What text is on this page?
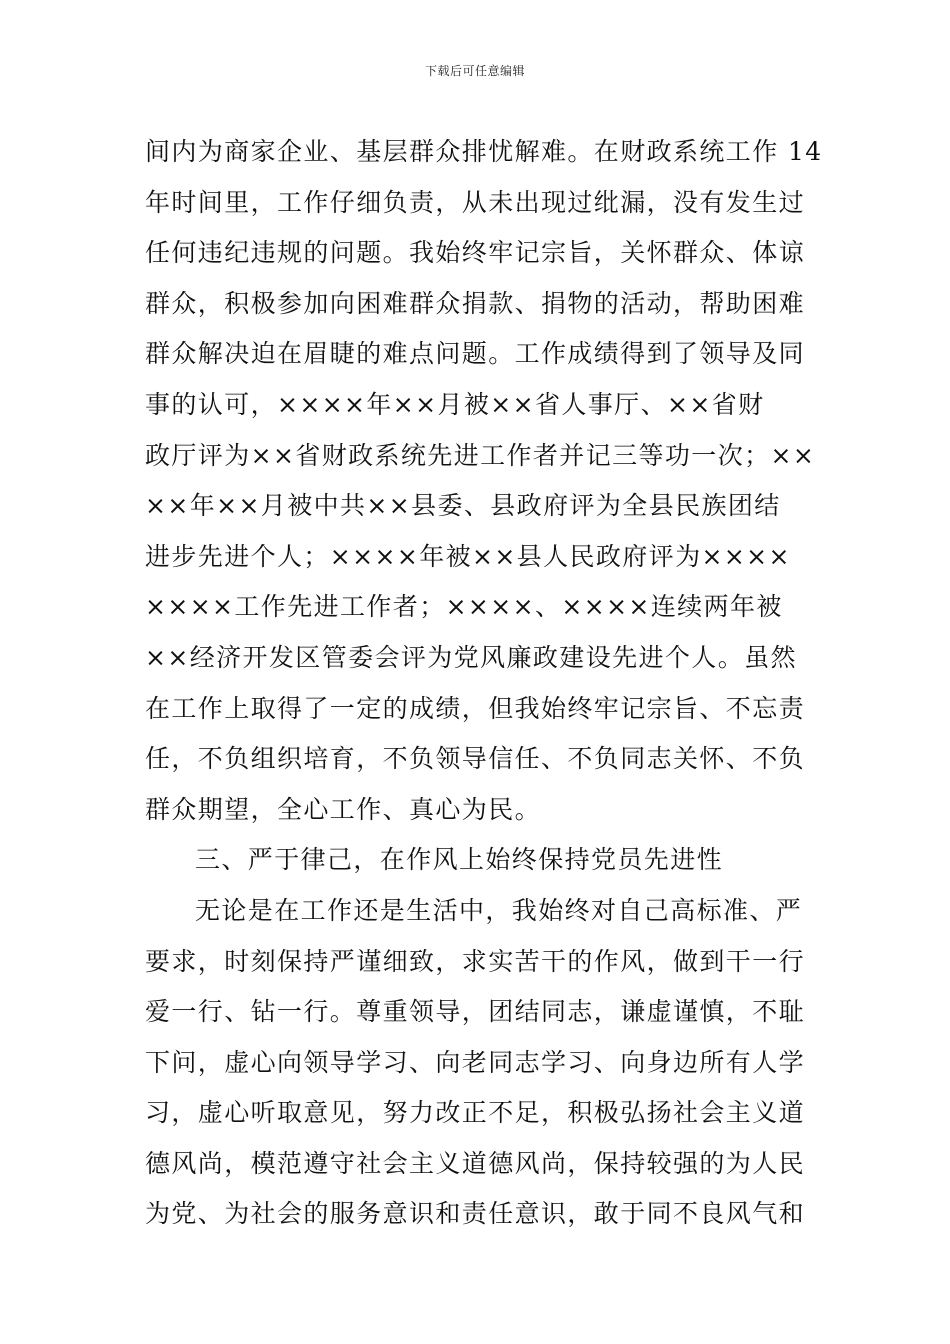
下载后可任意编辑
间内为商家企业、基层群众排忧解难。在财政系统工作 14
年时间里，工作仔细负责，从未出现过纰漏，没有发生过
任何违纪违规的问题。我始终牢记宗旨，关怀群众、体谅
群众，积极参加向困难群众捐款、捐物的活动，帮助困难
群众解决迫在眉睫的难点问题。工作成绩得到了领导及同
事的认可，××××年××月被××省人事厅、××省财
政厅评为××省财政系统先进工作者并记三等功一次；××
××年××月被中共××县委、县政府评为全县民族团结
进步先进个人；××××年被××县人民政府评为××××
××××工作先进工作者；××××、××××连续两年被
××经济开发区管委会评为党风廉政建设先进个人。虽然
在工作上取得了一定的成绩，但我始终牢记宗旨、不忘责
任，不负组织培育，不负领导信任、不负同志关怀、不负
群众期望，全心工作、真心为民。
三、严于律己，在作风上始终保持党员先进性
无论是在工作还是生活中，我始终对自己高标准、严
要求，时刻保持严谨细致，求实苦干的作风，做到干一行
爱一行、钻一行。尊重领导，团结同志，谦虚谨慎，不耻
下问，虚心向领导学习、向老同志学习、向身边所有人学
习，虚心听取意见，努力改正不足，积极弘扬社会主义道
德风尚，模范遵守社会主义道德风尚，保持较强的为人民
为党、为社会的服务意识和责任意识，敢于同不良风气和
